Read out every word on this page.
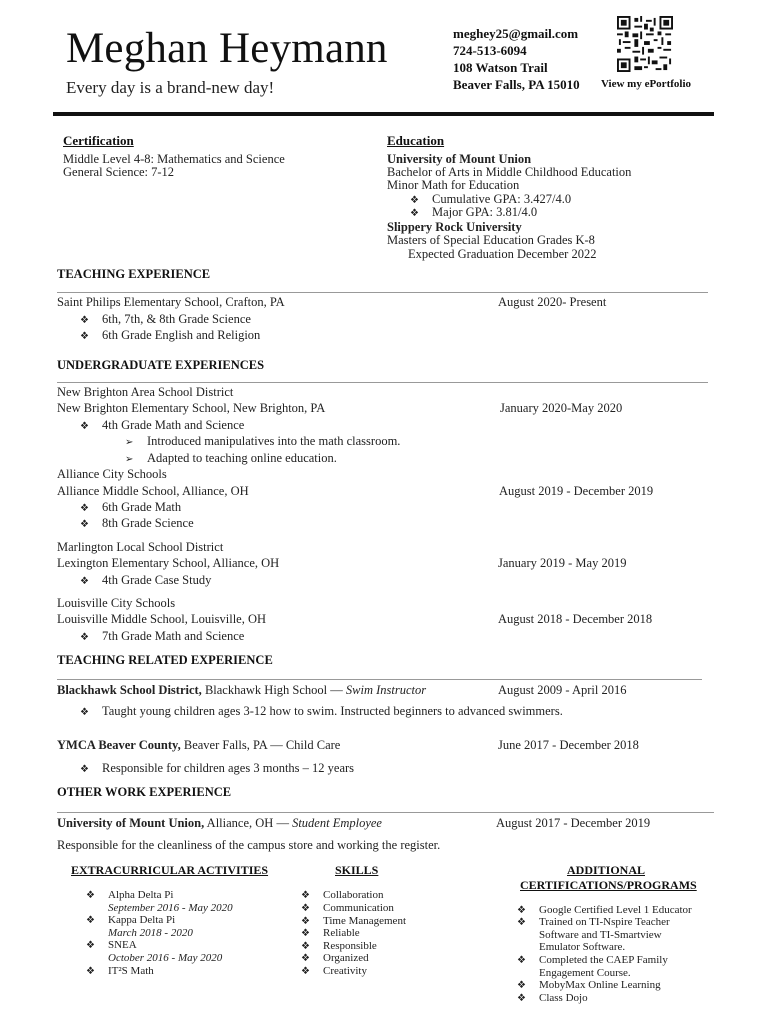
Meghan Heymann
Every day is a brand-new day!
meghey25@gmail.com
724-513-6094
108 Watson Trail
Beaver Falls, PA 15010 View my ePortfolio
Certification
Middle Level 4-8: Mathematics and Science
General Science: 7-12
Education
University of Mount Union
Bachelor of Arts in Middle Childhood Education
Minor Math for Education
❖ Cumulative GPA: 3.427/4.0
❖ Major GPA: 3.81/4.0
Slippery Rock University
Masters of Special Education Grades K-8
Expected Graduation December 2022
TEACHING EXPERIENCE
Saint Philips Elementary School, Crafton, PA	August 2020- Present
❖ 6th, 7th, & 8th Grade Science
❖ 6th Grade English and Religion
UNDERGRADUATE EXPERIENCES
New Brighton Area School District
New Brighton Elementary School, New Brighton, PA	January 2020-May 2020
❖ 4th Grade Math and Science
➢ Introduced manipulatives into the math classroom.
➢ Adapted to teaching online education.
Alliance City Schools
Alliance Middle School, Alliance, OH	August 2019 - December 2019
❖ 6th Grade Math
❖ 8th Grade Science
Marlington Local School District
Lexington Elementary School, Alliance, OH	January 2019 - May 2019
❖ 4th Grade Case Study
Louisville City Schools
Louisville Middle School, Louisville, OH	August 2018 - December 2018
❖ 7th Grade Math and Science
TEACHING RELATED EXPERIENCE
Blackhawk School District, Blackhawk High School — Swim Instructor	August 2009 - April 2016
❖ Taught young children ages 3-12 how to swim. Instructed beginners to advanced swimmers.
YMCA Beaver County, Beaver Falls, PA — Child Care	June 2017 - December 2018
❖ Responsible for children ages 3 months – 12 years
OTHER WORK EXPERIENCE
University of Mount Union, Alliance, OH — Student Employee	August 2017 - December 2019
Responsible for the cleanliness of the campus store and working the register.
EXTRACURRICULAR ACTIVITIES
❖ Alpha Delta Pi
September 2016 - May 2020
❖ Kappa Delta Pi
March 2018 - 2020
❖ SNEA
October 2016 - May 2020
❖ IT²S Math
SKILLS
❖ Collaboration
❖ Communication
❖ Time Management
❖ Reliable
❖ Responsible
❖ Organized
❖ Creativity
ADDITIONAL
CERTIFICATIONS/PROGRAMS
❖ Google Certified Level 1 Educator
❖ Trained on TI-Nspire Teacher
Software and TI-Smartview
Emulator Software.
❖ Completed the CAEP Family
Engagement Course.
❖ MobyMax Online Learning
❖ Class Dojo
